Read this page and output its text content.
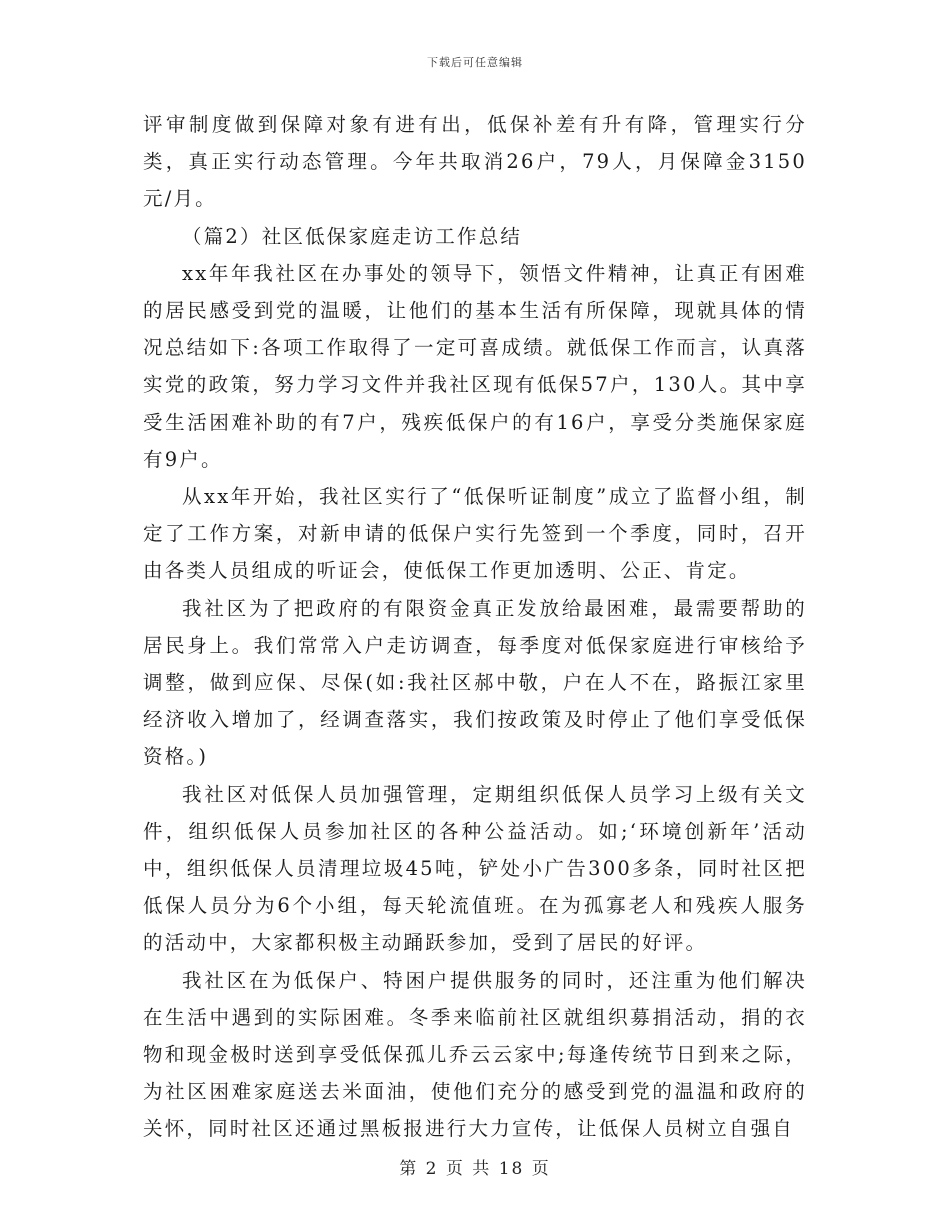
下载后可任意编辑

评审制度做到保障对象有进有出，低保补差有升有降，管理实行分类，真正实行动态管理。今年共取消26户，79人，月保障金3150元/月。

（篇2）社区低保家庭走访工作总结

xx年年我社区在办事处的领导下，领悟文件精神，让真正有困难的居民感受到党的温暖，让他们的基本生活有所保障，现就具体的情况总结如下:各项工作取得了一定可喜成绩。就低保工作而言，认真落实党的政策，努力学习文件并我社区现有低保57户，130人。其中享受生活困难补助的有7户，残疾低保户的有16户，享受分类施保家庭有9户。

从xx年开始，我社区实行了“低保听证制度”成立了监督小组，制定了工作方案，对新申请的低保户实行先签到一个季度，同时，召开由各类人员组成的听证会，使低保工作更加透明、公正、肯定。

我社区为了把政府的有限资金真正发放给最困难，最需要帮助的居民身上。我们常常入户走访调查，每季度对低保家庭进行审核给予调整，做到应保、尽保(如:我社区郝中敬，户在人不在，路振江家里经济收入增加了，经调查落实，我们按政策及时停止了他们享受低保资格。)

我社区对低保人员加强管理，定期组织低保人员学习上级有关文件，组织低保人员参加社区的各种公益活动。如;‘环境创新年’活动中，组织低保人员清理垃圾45吨，铲处小广告300多条，同时社区把低保人员分为6个小组，每天轮流值班。在为孤寡老人和残疾人服务的活动中，大家都积极主动踊跃参加，受到了居民的好评。

我社区在为低保户、特困户提供服务的同时，还注重为他们解决在生活中遇到的实际困难。冬季来临前社区就组织募捐活动，捐的衣物和现金极时送到享受低保孤儿乔云云家中;每逢传统节日到来之际，为社区困难家庭送去米面油，使他们充分的感受到党的温温和政府的关怀，同时社区还通过黑板报进行大力宣传，让低保人员树立自强自

第 2 页 共 18 页
